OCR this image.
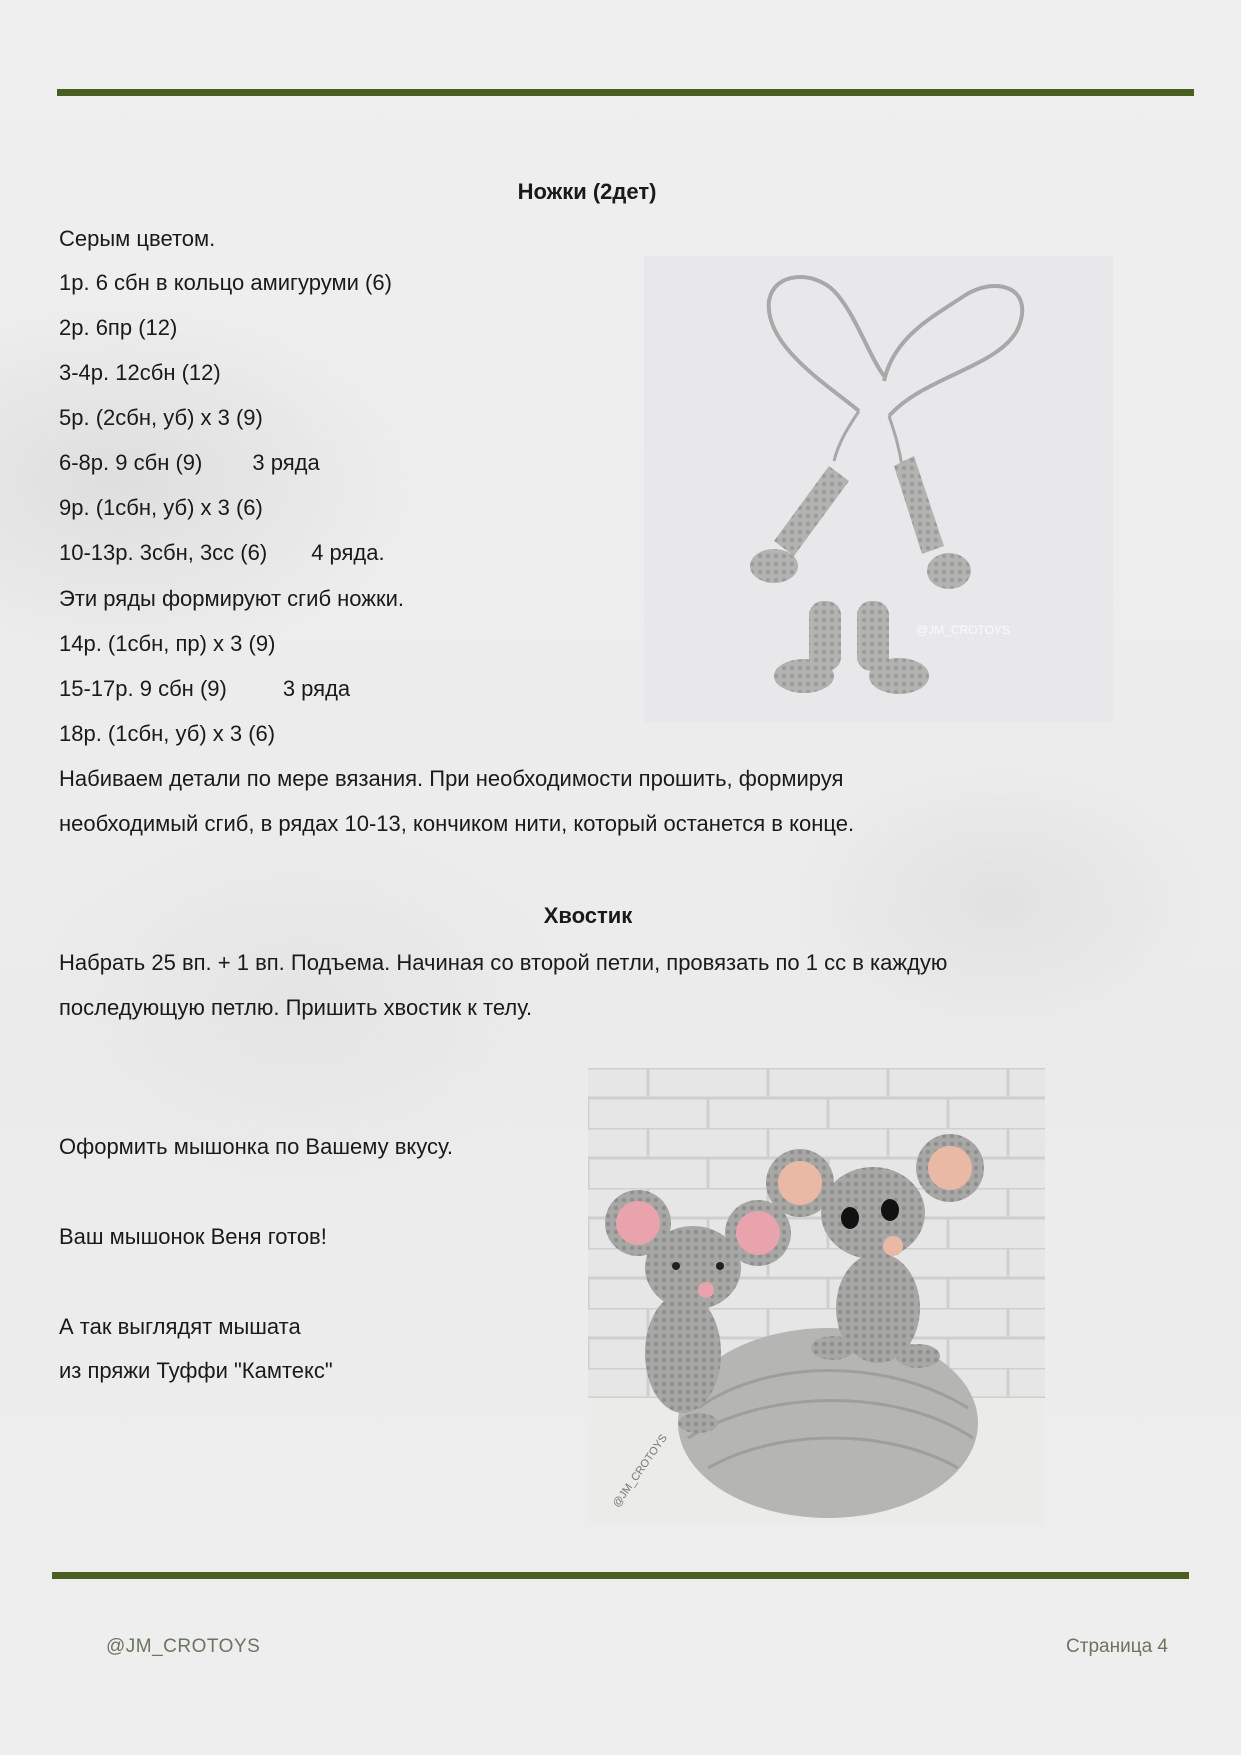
Ножки (2дет)
Серым цветом.
1р. 6 сбн в кольцо амигуруми (6)
2р. 6пр (12)
3-4р. 12сбн (12)
5р. (2сбн, уб) х 3 (9)
6-8р. 9 сбн (9) 3 ряда
9р. (1сбн, уб) х 3 (6)
10-13р. 3сбн, 3сс (6) 4 ряда.
Эти ряды формируют сгиб ножки.
14р. (1сбн, пр) х 3 (9)
15-17р. 9 сбн (9)	3 ряда
18р. (1сбн, уб) х 3 (6)
Набиваем детали по мере вязания. При необходимости прошить, формируя
необходимый сгиб, в рядах 10-13, кончиком нити, который останется в конце.
@JM_CROTOYS
Хвостик
Набрать 25 вп. + 1 вп. Подъема. Начиная со второй петли, провязать по 1 сс в каждую
последующую петлю. Пришить хвостик к телу.
Оформить мышонка по Вашему вкусу.
Ваш мышонок Веня готов!
А так выглядят мышата
из пряжи Туффи "Камтекс"
@JM_CROTOYS
@JM_CROTOYS	Страница 4
